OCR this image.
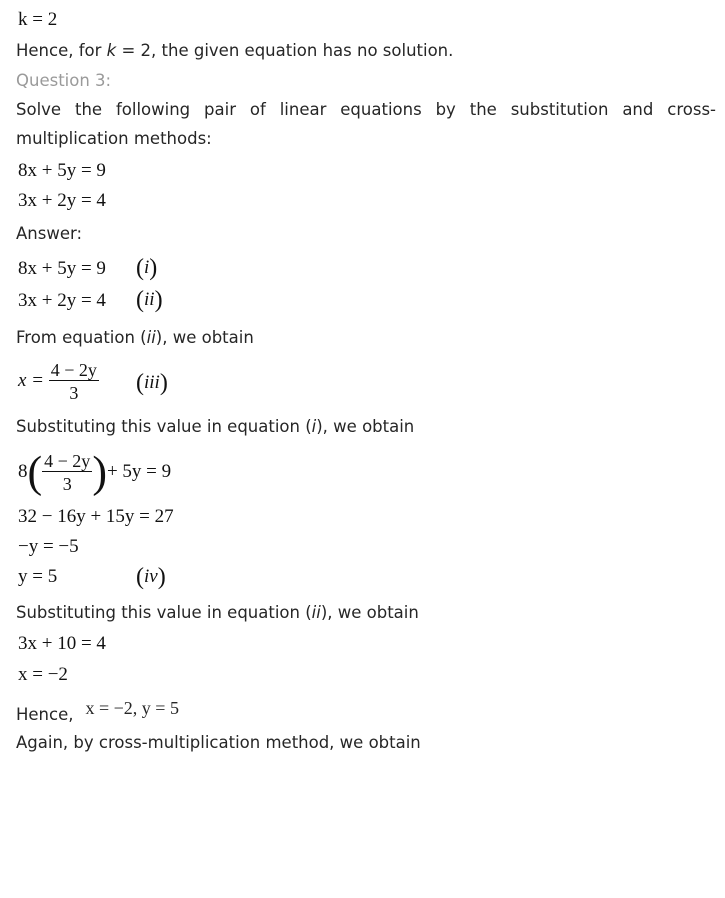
k = 2

Hence, for k = 2, the given equation has no solution.

Question 3:

Solve the following pair of linear equations by the substitution and cross-

multiplication methods:

8x + 5y = 9

3x + 2y = 4

Answer:

8x + 5y = 9 (i)

3x + 2y = 4 (ii)

From equation (ii), we obtain

$x = \frac{4 - 2y}{3} (iii)$

Substituting this value in equation (i), we obtain

$8( \frac{4 - 2y}{3}$ )+ 5y = 9

32 − 16y + 15y = 27

−y = −5

y = 5	(iv)

Substituting this value in equation (ii), we obtain

3x + 10 = 4

x = −2

Hence, x = −2, y = 5

Again, by cross-multiplication method, we obtain
